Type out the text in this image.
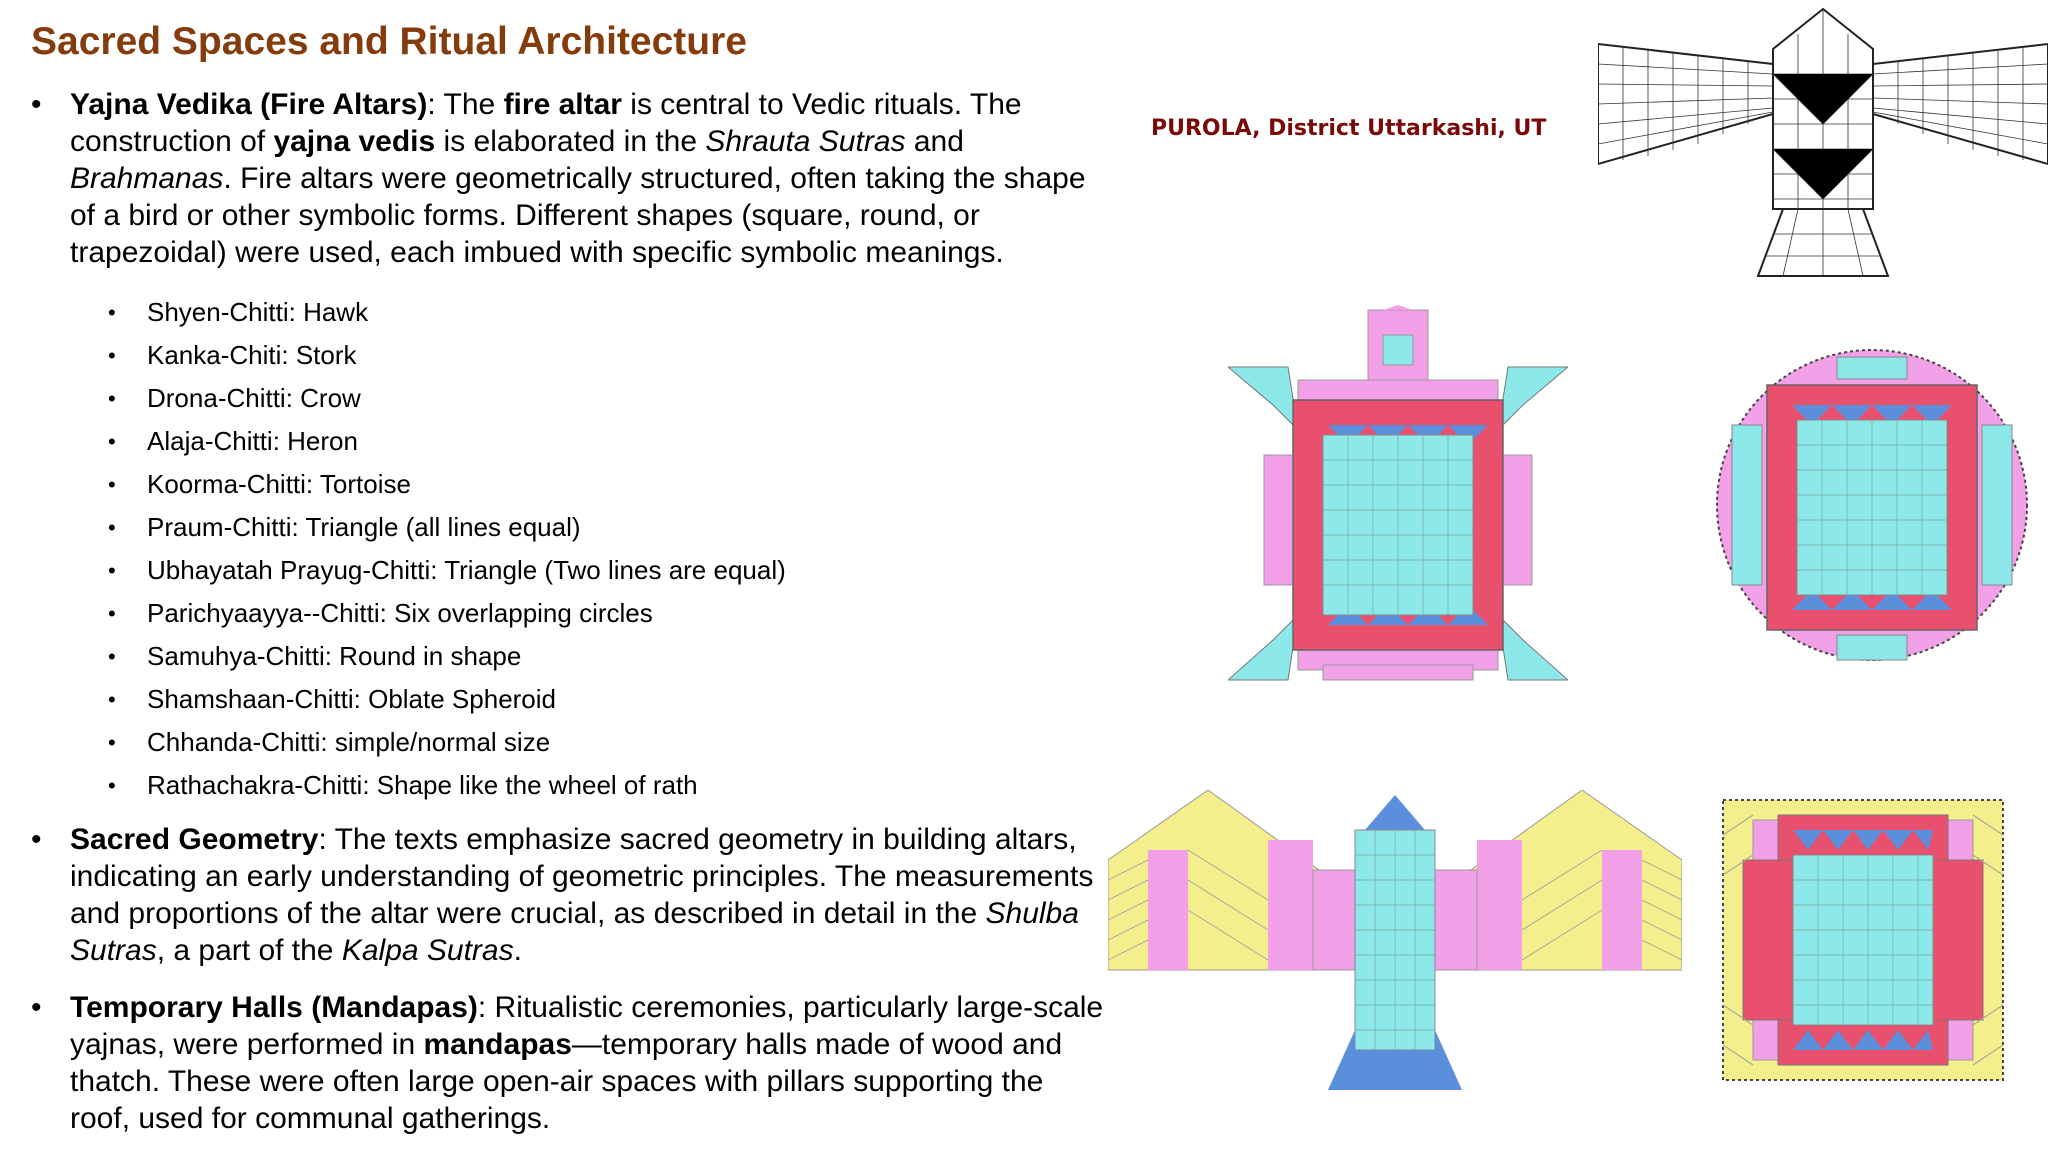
Sacred Spaces and Ritual Architecture
• Yajna Vedika (Fire Altars): The fire altar is central to Vedic rituals. The construction of yajna vedis is elaborated in the Shrauta Sutras and Brahmanas. Fire altars were geometrically structured, often taking the shape of a bird or other symbolic forms. Different shapes (square, round, or trapezoidal) were used, each imbued with specific symbolic meanings.
• Shyen-Chitti: Hawk
• Kanka-Chiti: Stork
• Drona-Chitti: Crow
• Alaja-Chitti: Heron
• Koorma-Chitti: Tortoise
• Praum-Chitti: Triangle (all lines equal)
• Ubhayatah Prayug-Chitti: Triangle (Two lines are equal)
• Parichyaayya--Chitti: Six overlapping circles
• Samuhya-Chitti: Round in shape
• Shamshaan-Chitti: Oblate Spheroid
• Chhanda-Chitti: simple/normal size
• Rathachakra-Chitti: Shape like the wheel of rath
• Sacred Geometry: The texts emphasize sacred geometry in building altars, indicating an early understanding of geometric principles. The measurements and proportions of the altar were crucial, as described in detail in the Shulba Sutras, a part of the Kalpa Sutras.
• Temporary Halls (Mandapas): Ritualistic ceremonies, particularly large-scale yajnas, were performed in mandapas—temporary halls made of wood and thatch. These were often large open-air spaces with pillars supporting the roof, used for communal gatherings.
PUROLA, District Uttarkashi, UT
